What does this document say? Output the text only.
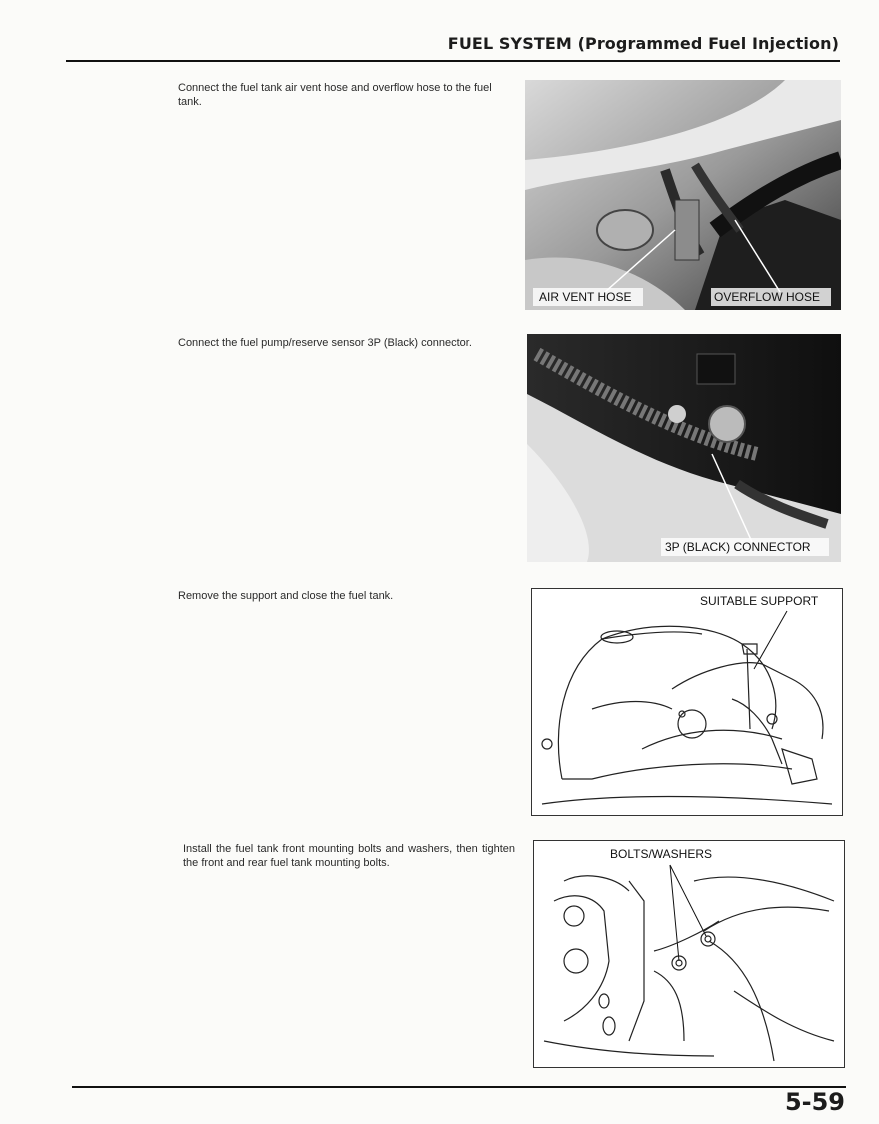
FUEL SYSTEM (Programmed Fuel Injection)
Connect the fuel tank air vent hose and overflow hose to the fuel tank.
AIR VENT HOSE	OVERFLOW HOSE
Connect the fuel pump/reserve sensor 3P (Black) connector.
3P (BLACK) CONNECTOR
Remove the support and close the fuel tank.	SUITABLE SUPPORT
Install the fuel tank front mounting bolts and washers, then tighten the front and rear fuel tank mounting bolts.
BOLTS/WASHERS
5-59
